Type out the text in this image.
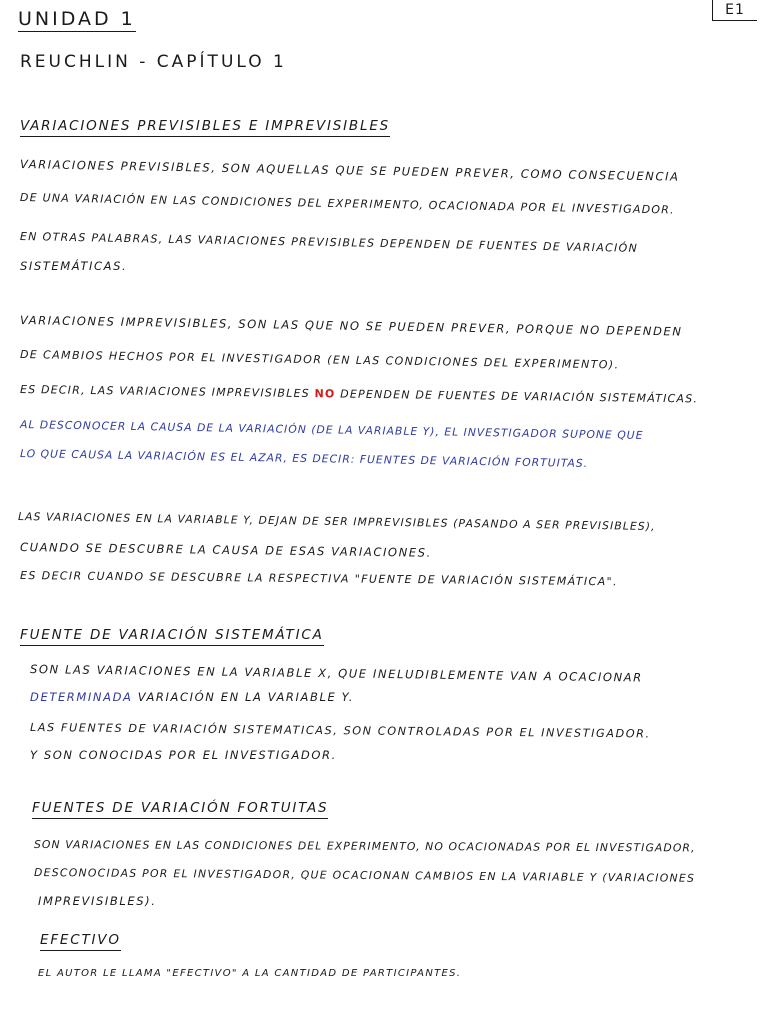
E1
UNIDAD 1
REUCHLIN - CAPÍTULO 1
VARIACIONES PREVISIBLES E IMPREVISIBLES
VARIACIONES PREVISIBLES, SON AQUELLAS QUE SE PUEDEN PREVER, COMO CONSECUENCIA
DE UNA VARIACIÓN EN LAS CONDICIONES DEL EXPERIMENTO, OCACIONADA POR EL INVESTIGADOR.
EN OTRAS PALABRAS, LAS VARIACIONES PREVISIBLES DEPENDEN DE FUENTES DE VARIACIÓN
SISTEMÁTICAS.
VARIACIONES IMPREVISIBLES, SON LAS QUE NO SE PUEDEN PREVER, PORQUE NO DEPENDEN
DE CAMBIOS HECHOS POR EL INVESTIGADOR (EN LAS CONDICIONES DEL EXPERIMENTO).
ES DECIR, LAS VARIACIONES IMPREVISIBLES NO DEPENDEN DE FUENTES DE VARIACIÓN SISTEMÁTICAS.
AL DESCONOCER LA CAUSA DE LA VARIACIÓN (DE LA VARIABLE Y), EL INVESTIGADOR SUPONE QUE
LO QUE CAUSA LA VARIACIÓN ES EL AZAR, ES DECIR: FUENTES DE VARIACIÓN FORTUITAS.
LAS VARIACIONES EN LA VARIABLE Y, DEJAN DE SER IMPREVISIBLES (PASANDO A SER PREVISIBLES),
CUANDO SE DESCUBRE LA CAUSA DE ESAS VARIACIONES.
ES DECIR CUANDO SE DESCUBRE LA RESPECTIVA "FUENTE DE VARIACIÓN SISTEMÁTICA".
FUENTE DE VARIACIÓN SISTEMÁTICA
SON LAS VARIACIONES EN LA VARIABLE X, QUE INELUDIBLEMENTE VAN A OCACIONAR
DETERMINADA VARIACIÓN EN LA VARIABLE Y.
LAS FUENTES DE VARIACIÓN SISTEMATICAS, SON CONTROLADAS POR EL INVESTIGADOR.
Y SON CONOCIDAS POR EL INVESTIGADOR.
FUENTES DE VARIACIÓN FORTUITAS
SON VARIACIONES EN LAS CONDICIONES DEL EXPERIMENTO, NO OCACIONADAS POR EL INVESTIGADOR,
DESCONOCIDAS POR EL INVESTIGADOR, QUE OCACIONAN CAMBIOS EN LA VARIABLE Y (VARIACIONES
IMPREVISIBLES).
EFECTIVO
EL AUTOR LE LLAMA "EFECTIVO" A LA CANTIDAD DE PARTICIPANTES.
